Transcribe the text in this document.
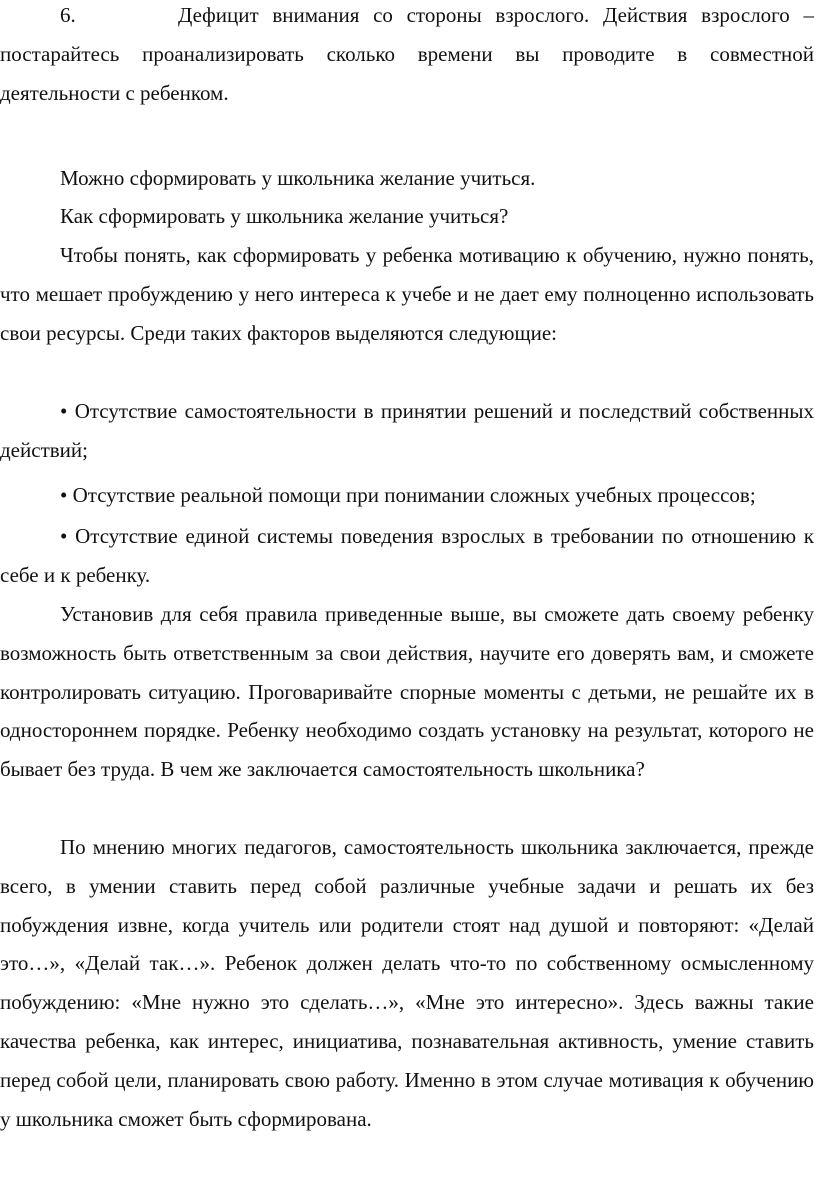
6.	Дефицит внимания со стороны взрослого. Действия взрослого – постарайтесь проанализировать сколько времени вы проводите в совместной деятельности с ребенком.

Можно сформировать у школьника желание учиться.

Как сформировать у школьника желание учиться?

Чтобы понять, как сформировать у ребенка мотивацию к обучению, нужно понять, что мешает пробуждению у него интереса к учебе и не дает ему полноценно использовать свои ресурсы. Среди таких факторов выделяются следующие:

• Отсутствие самостоятельности в принятии решений и последствий собственных действий;

• Отсутствие реальной помощи при понимании сложных учебных процессов;

• Отсутствие единой системы поведения взрослых в требовании по отношению к себе и к ребенку.

Установив для себя правила приведенные выше, вы сможете дать своему ребенку возможность быть ответственным за свои действия, научите его доверять вам, и сможете контролировать ситуацию. Проговаривайте спорные моменты с детьми, не решайте их в одностороннем порядке. Ребенку необходимо создать установку на результат, которого не бывает без труда. В чем же заключается самостоятельность школьника?

По мнению многих педагогов, самостоятельность школьника заключается, прежде всего, в умении ставить перед собой различные учебные задачи и решать их без побуждения извне, когда учитель или родители стоят над душой и повторяют: «Делай это…», «Делай так…». Ребенок должен делать что-то по собственному осмысленному побуждению: «Мне нужно это сделать…», «Мне это интересно». Здесь важны такие качества ребенка, как интерес, инициатива, познавательная активность, умение ставить перед собой цели, планировать свою работу. Именно в этом случае мотивация к обучению у школьника сможет быть сформирована.
